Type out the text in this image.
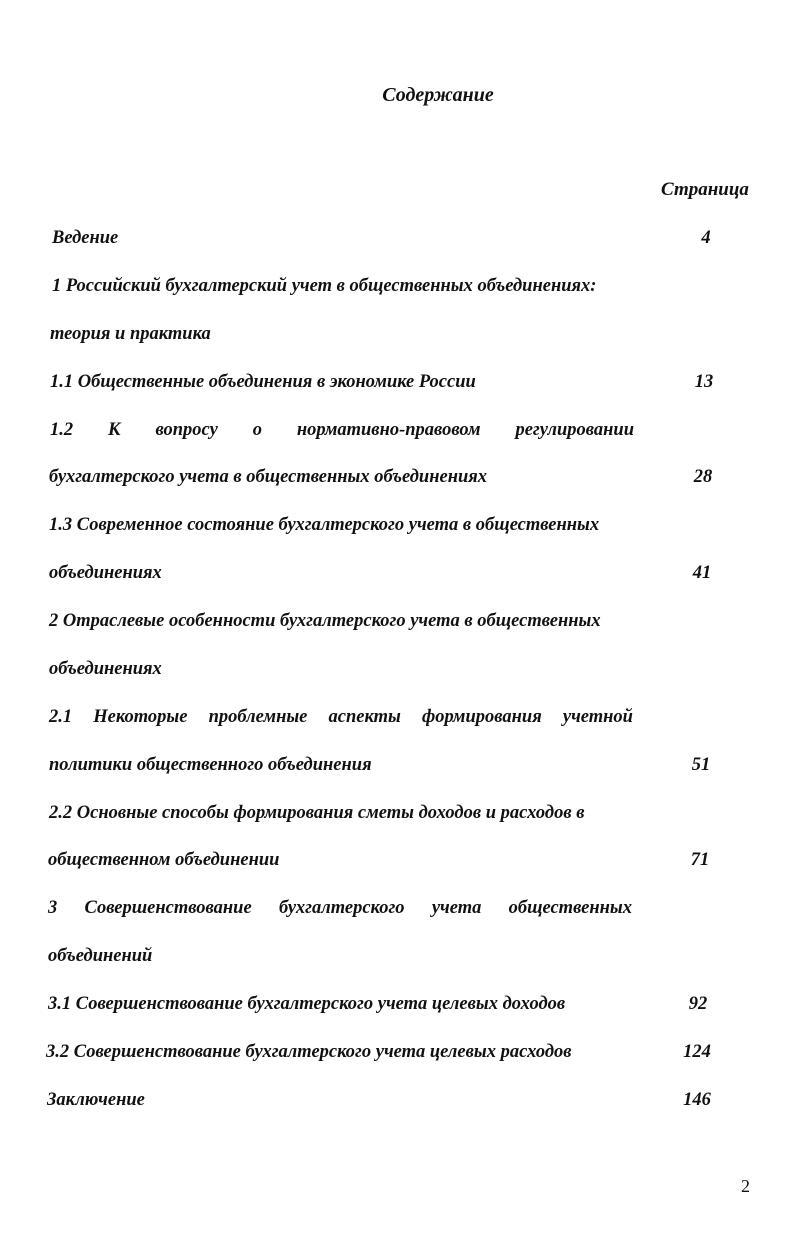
Содержание
Страница
Ведение	4
1 Российский бухгалтерский учет в общественных объединениях:
теория и практика
1.1 Общественные объединения в экономике России	13
1.2 К вопросу о нормативно-правовом регулировании
бухгалтерского учета в общественных объединениях	28
1.3 Современное состояние бухгалтерского учета в общественных
объединениях	41
2 Отраслевые особенности бухгалтерского учета в общественных
объединениях
2.1 Некоторые проблемные аспекты формирования учетной
политики общественного объединения	51
2.2 Основные способы формирования сметы доходов и расходов в
общественном объединении	71
3 Совершенствование бухгалтерского учета общественных
объединений
3.1 Совершенствование бухгалтерского учета целевых доходов	92
3.2 Совершенствование бухгалтерского учета целевых расходов	124
Заключение	146
2
